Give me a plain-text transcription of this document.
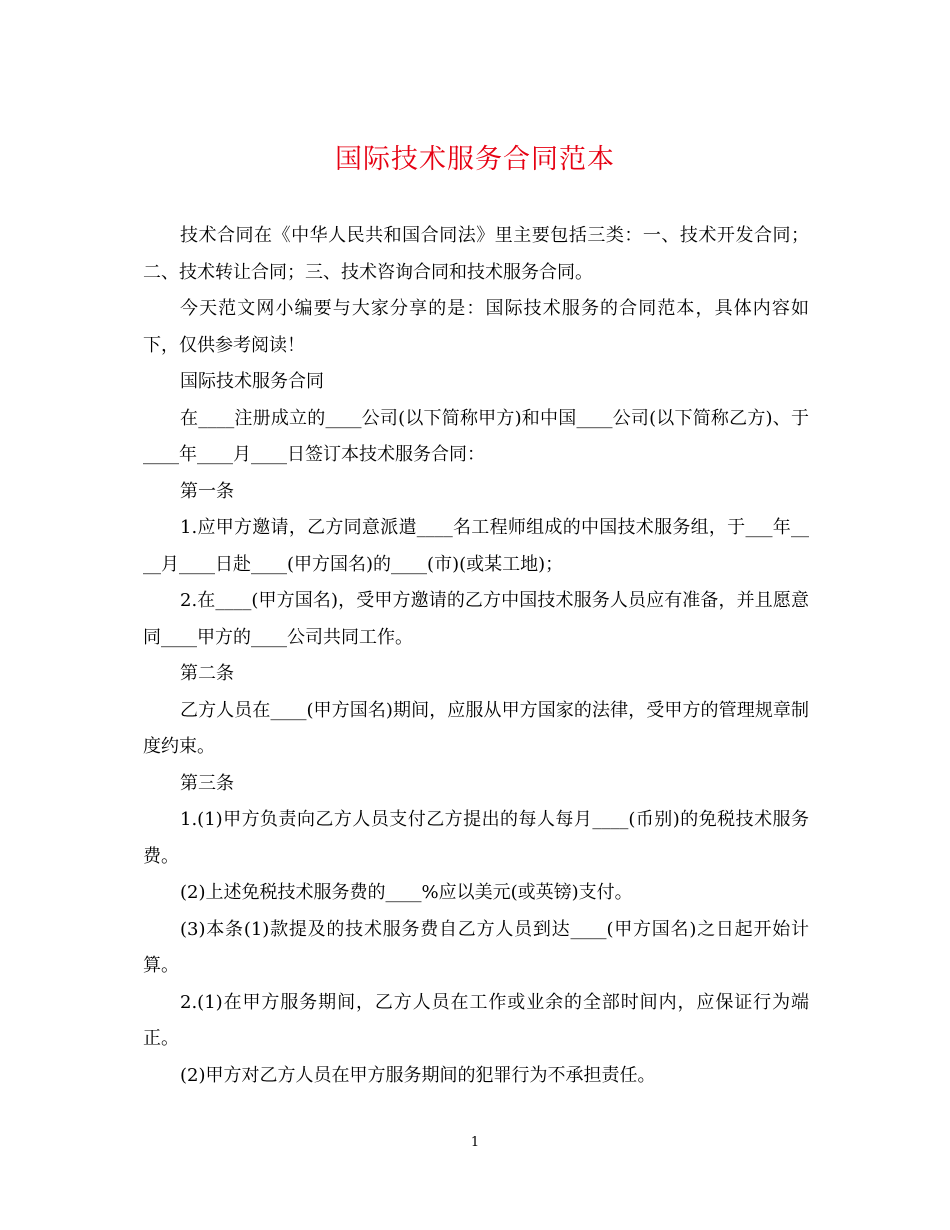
国际技术服务合同范本

技术合同在《中华人民共和国合同法》里主要包括三类：一、技术开发合同；二、技术转让合同；三、技术咨询合同和技术服务合同。

今天范文网小编要与大家分享的是：国际技术服务的合同范本，具体内容如下，仅供参考阅读！

国际技术服务合同

在____注册成立的____公司(以下简称甲方)和中国____公司(以下简称乙方)、于____年____月____日签订本技术服务合同：

第一条

1.应甲方邀请，乙方同意派遣____名工程师组成的中国技术服务组，于___年____月____日赴____(甲方国名)的____(市)(或某工地)；

2.在____(甲方国名)，受甲方邀请的乙方中国技术服务人员应有准备，并且愿意同____甲方的____公司共同工作。

第二条

乙方人员在____(甲方国名)期间，应服从甲方国家的法律，受甲方的管理规章制度约束。

第三条

1.(1)甲方负责向乙方人员支付乙方提出的每人每月____(币别)的免税技术服务费。

(2)上述免税技术服务费的____%应以美元(或英镑)支付。

(3)本条(1)款提及的技术服务费自乙方人员到达____(甲方国名)之日起开始计算。

2.(1)在甲方服务期间，乙方人员在工作或业余的全部时间内，应保证行为端正。

(2)甲方对乙方人员在甲方服务期间的犯罪行为不承担责任。

1
